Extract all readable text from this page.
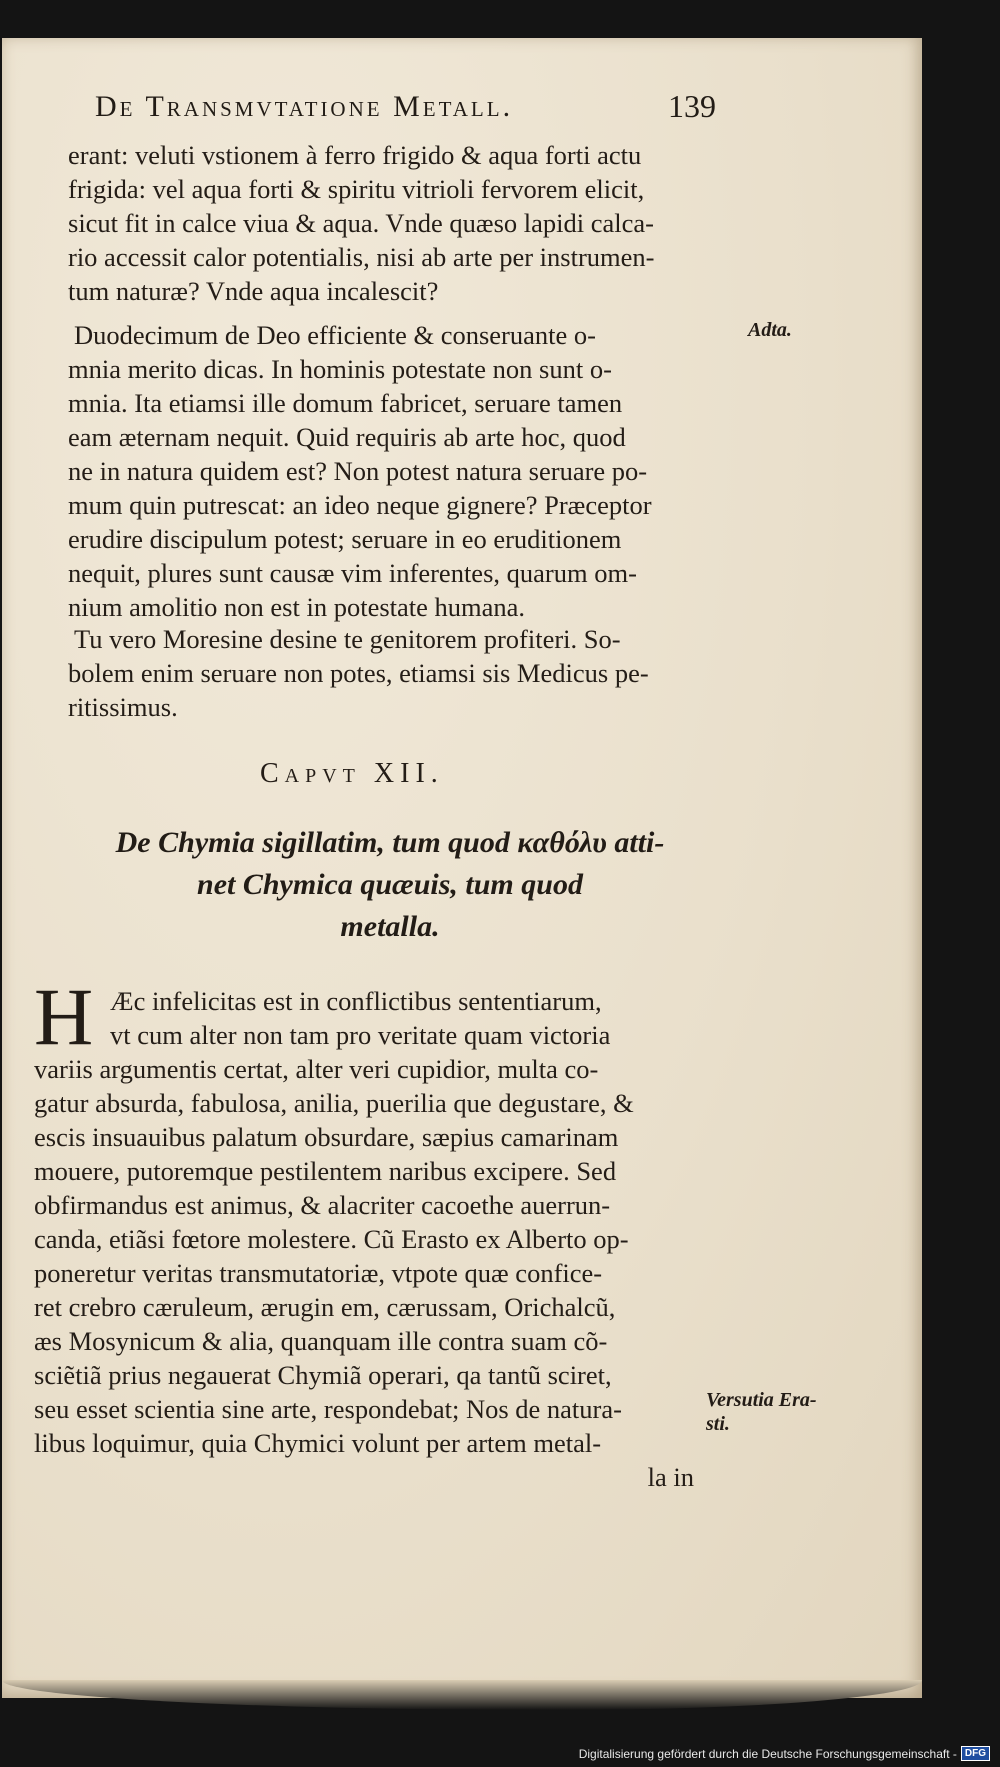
De Transmvtatione Metall.	139
erant: veluti vstionem à ferro frigido & aqua forti actu
frigida: vel aqua forti & spiritu vitrioli fervorem elicit,
sicut fit in calce viua & aqua. Vnde quæso lapidi calca-
rio accessit calor potentialis, nisi ab arte per instrumen-
tum naturæ? Vnde aqua incalescit?
Duodecimum de Deo efficiente & conseruante o-
mnia merito dicas. In hominis potestate non sunt o-
mnia. Ita etiamsi ille domum fabricet, seruare tamen
eam æternam nequit. Quid requiris ab arte hoc, quod
ne in natura quidem est? Non potest natura seruare po-
mum quin putrescat: an ideo neque gignere? Præceptor
erudire discipulum potest; seruare in eo eruditionem
nequit, plures sunt causæ vim inferentes, quarum om-
nium amolitio non est in potestate humana.
Tu vero Moresine desine te genitorem profiteri. So-
bolem enim seruare non potes, etiamsi sis Medicus pe-
ritissimus.
Capvt XII.
De Chymia sigillatim, tum quod καθόλυ atti-
net Chymica quæuis, tum quod
metalla.
H Æc infelicitas est in conflictibus sententiarum,
vt cum alter non tam pro veritate quam victoria
variis argumentis certat, alter veri cupidior, multa co-
gatur absurda, fabulosa, anilia, puerilia que degustare, &
escis insuauibus palatum obsurdare, sæpius camarinam
mouere, putoremque pestilentem naribus excipere. Sed
obfirmandus est animus, & alacriter cacoethe auerrun-
canda, etiãsi fœtore molestere. Cũ Erasto ex Alberto op-
poneretur veritas transmutatoriæ, vtpote quæ confice-
ret crebro cæruleum, ærugin em, cærussam, Orichalcũ,
æs Mosynicum & alia, quanquam ille contra suam cõ-
sciẽtiã prius negauerat Chymiã operari, qa tantũ sciret,
seu esset scientia sine arte, respondebat; Nos de natura-
libus loquimur, quia Chymici volunt per artem metal-
la in
Adta.
Versutia Era-
sti.
Digitalisierung gefördert durch die Deutsche Forschungsgemeinschaft - DFG
